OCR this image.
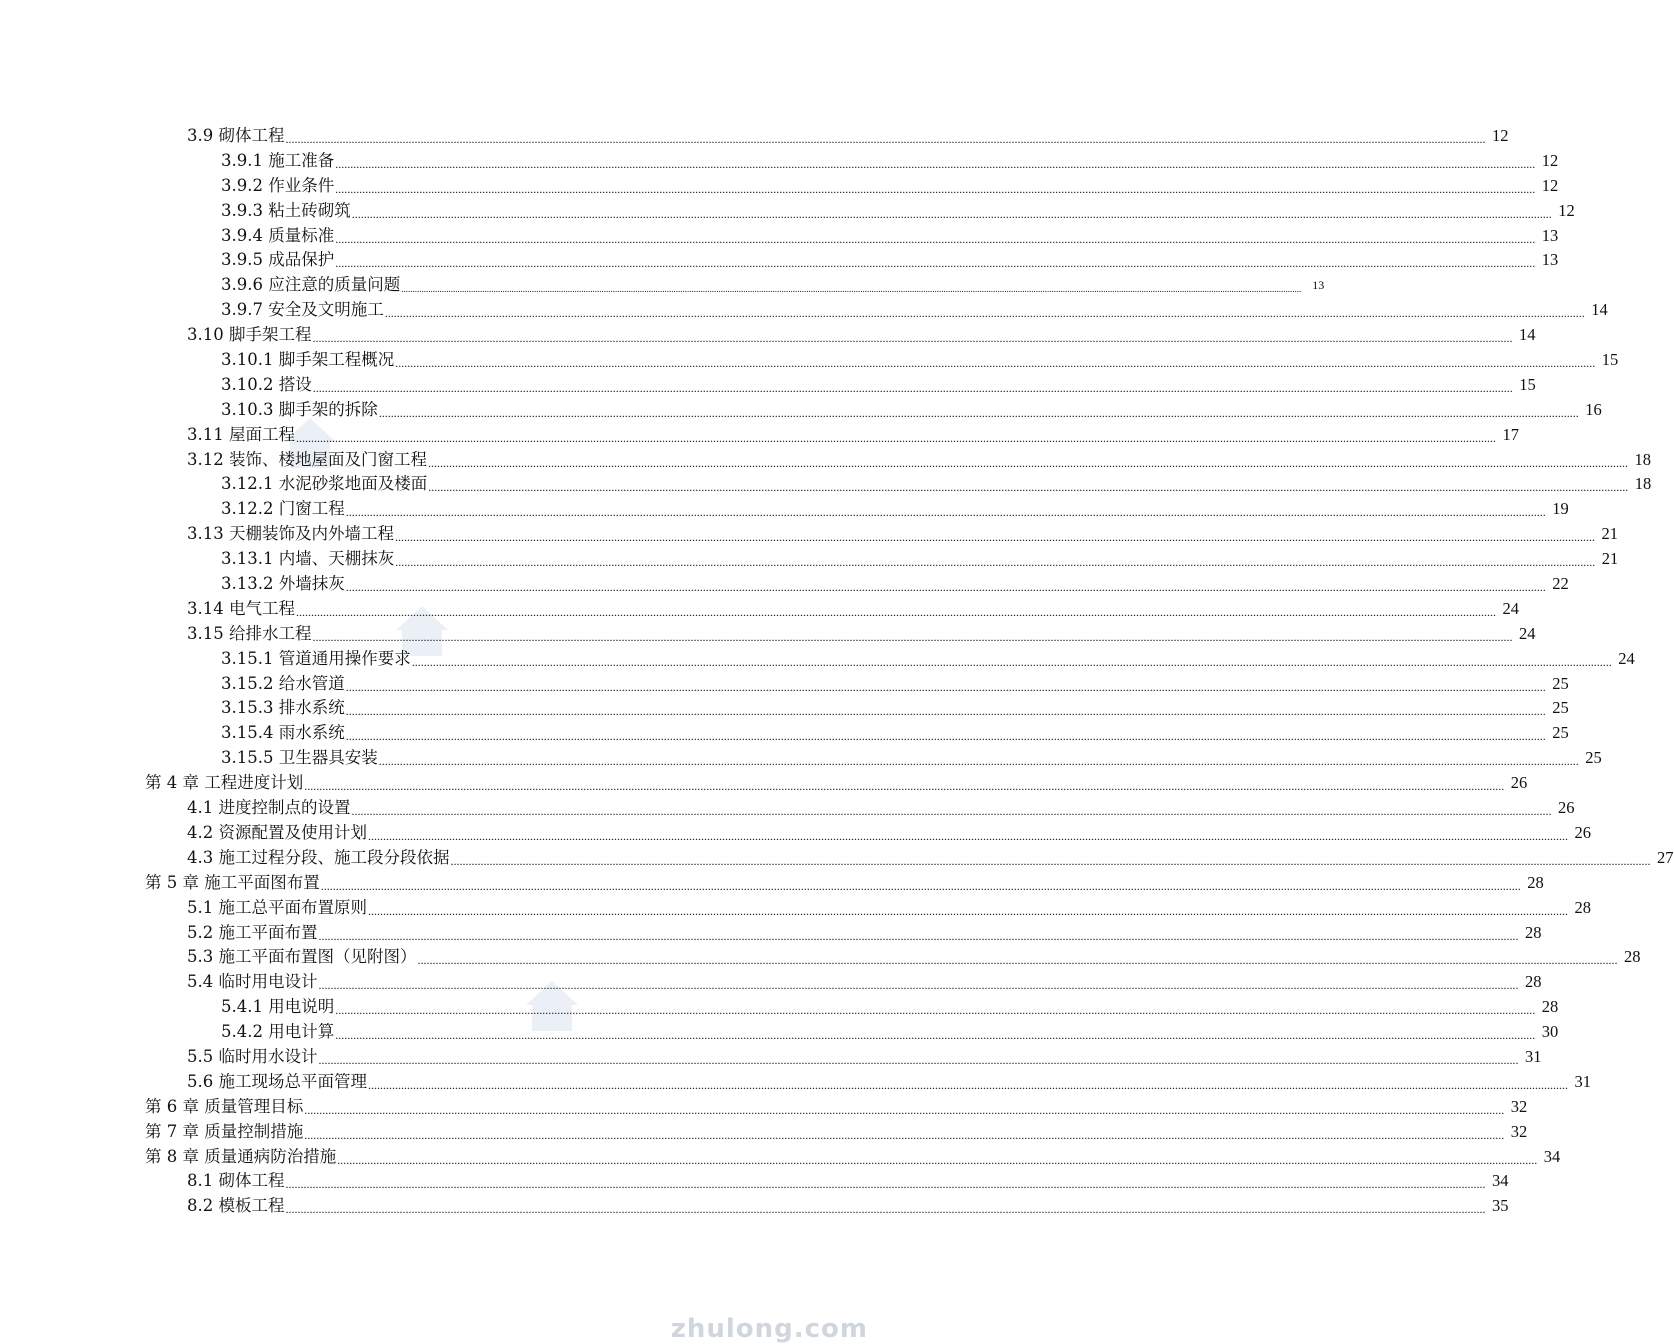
3.9 砌体工程 ................................................................................................................................................................................................................................................................................................................................................................................................................ 12
3.9.1 施工准备 ................................................................................................................................................................................................................................................................................................................................................................................................................ 12
3.9.2 作业条件 ................................................................................................................................................................................................................................................................................................................................................................................................................ 12
3.9.3 粘土砖砌筑 ................................................................................................................................................................................................................................................................................................................................................................................................................ 12
3.9.4 质量标准 ................................................................................................................................................................................................................................................................................................................................................................................................................ 13
3.9.5 成品保护 ................................................................................................................................................................................................................................................................................................................................................................................................................ 13
3.9.6 应注意的质量问题 ................................................................................................................................................................................................................................................................................................................................................................................................................ 13
3.9.7 安全及文明施工 ................................................................................................................................................................................................................................................................................................................................................................................................................ 14
3.10 脚手架工程 ................................................................................................................................................................................................................................................................................................................................................................................................................ 14
3.10.1 脚手架工程概况 ................................................................................................................................................................................................................................................................................................................................................................................................................ 15
3.10.2 搭设 ................................................................................................................................................................................................................................................................................................................................................................................................................ 15
3.10.3 脚手架的拆除 ................................................................................................................................................................................................................................................................................................................................................................................................................ 16
3.11 屋面工程 ................................................................................................................................................................................................................................................................................................................................................................................................................ 17
3.12 装饰、楼地屋面及门窗工程 ................................................................................................................................................................................................................................................................................................................................................................................................................ 18
3.12.1 水泥砂浆地面及楼面 ................................................................................................................................................................................................................................................................................................................................................................................................................ 18
3.12.2 门窗工程 ................................................................................................................................................................................................................................................................................................................................................................................................................ 19
3.13 天棚装饰及内外墙工程 ................................................................................................................................................................................................................................................................................................................................................................................................................ 21
3.13.1 内墙、天棚抹灰 ................................................................................................................................................................................................................................................................................................................................................................................................................ 21
3.13.2 外墙抹灰 ................................................................................................................................................................................................................................................................................................................................................................................................................ 22
3.14 电气工程 ................................................................................................................................................................................................................................................................................................................................................................................................................ 24
3.15 给排水工程 ................................................................................................................................................................................................................................................................................................................................................................................................................ 24
3.15.1 管道通用操作要求 ................................................................................................................................................................................................................................................................................................................................................................................................................ 24
3.15.2 给水管道 ................................................................................................................................................................................................................................................................................................................................................................................................................ 25
3.15.3 排水系统 ................................................................................................................................................................................................................................................................................................................................................................................................................ 25
3.15.4 雨水系统 ................................................................................................................................................................................................................................................................................................................................................................................................................ 25
3.15.5 卫生器具安装 ................................................................................................................................................................................................................................................................................................................................................................................................................ 25
第 4 章 工程进度计划 ................................................................................................................................................................................................................................................................................................................................................................................................................ 26
4.1 进度控制点的设置 ................................................................................................................................................................................................................................................................................................................................................................................................................ 26
4.2 资源配置及使用计划 ................................................................................................................................................................................................................................................................................................................................................................................................................ 26
4.3 施工过程分段、施工段分段依据 ................................................................................................................................................................................................................................................................................................................................................................................................................ 27
第 5 章 施工平面图布置 ................................................................................................................................................................................................................................................................................................................................................................................................................ 28
5.1 施工总平面布置原则 ................................................................................................................................................................................................................................................................................................................................................................................................................ 28
5.2 施工平面布置 ................................................................................................................................................................................................................................................................................................................................................................................................................ 28
5.3 施工平面布置图（见附图） ................................................................................................................................................................................................................................................................................................................................................................................................................ 28
5.4 临时用电设计 ................................................................................................................................................................................................................................................................................................................................................................................................................ 28
5.4.1 用电说明 ................................................................................................................................................................................................................................................................................................................................................................................................................ 28
5.4.2 用电计算 ................................................................................................................................................................................................................................................................................................................................................................................................................ 30
5.5 临时用水设计 ................................................................................................................................................................................................................................................................................................................................................................................................................ 31
5.6 施工现场总平面管理 ................................................................................................................................................................................................................................................................................................................................................................................................................ 31
第 6 章 质量管理目标 ................................................................................................................................................................................................................................................................................................................................................................................................................ 32
第 7 章 质量控制措施 ................................................................................................................................................................................................................................................................................................................................................................................................................ 32
第 8 章 质量通病防治措施 ................................................................................................................................................................................................................................................................................................................................................................................................................ 34
8.1 砌体工程 ................................................................................................................................................................................................................................................................................................................................................................................................................ 34
8.2 模板工程 ................................................................................................................................................................................................................................................................................................................................................................................................................ 35
zhulong.com
